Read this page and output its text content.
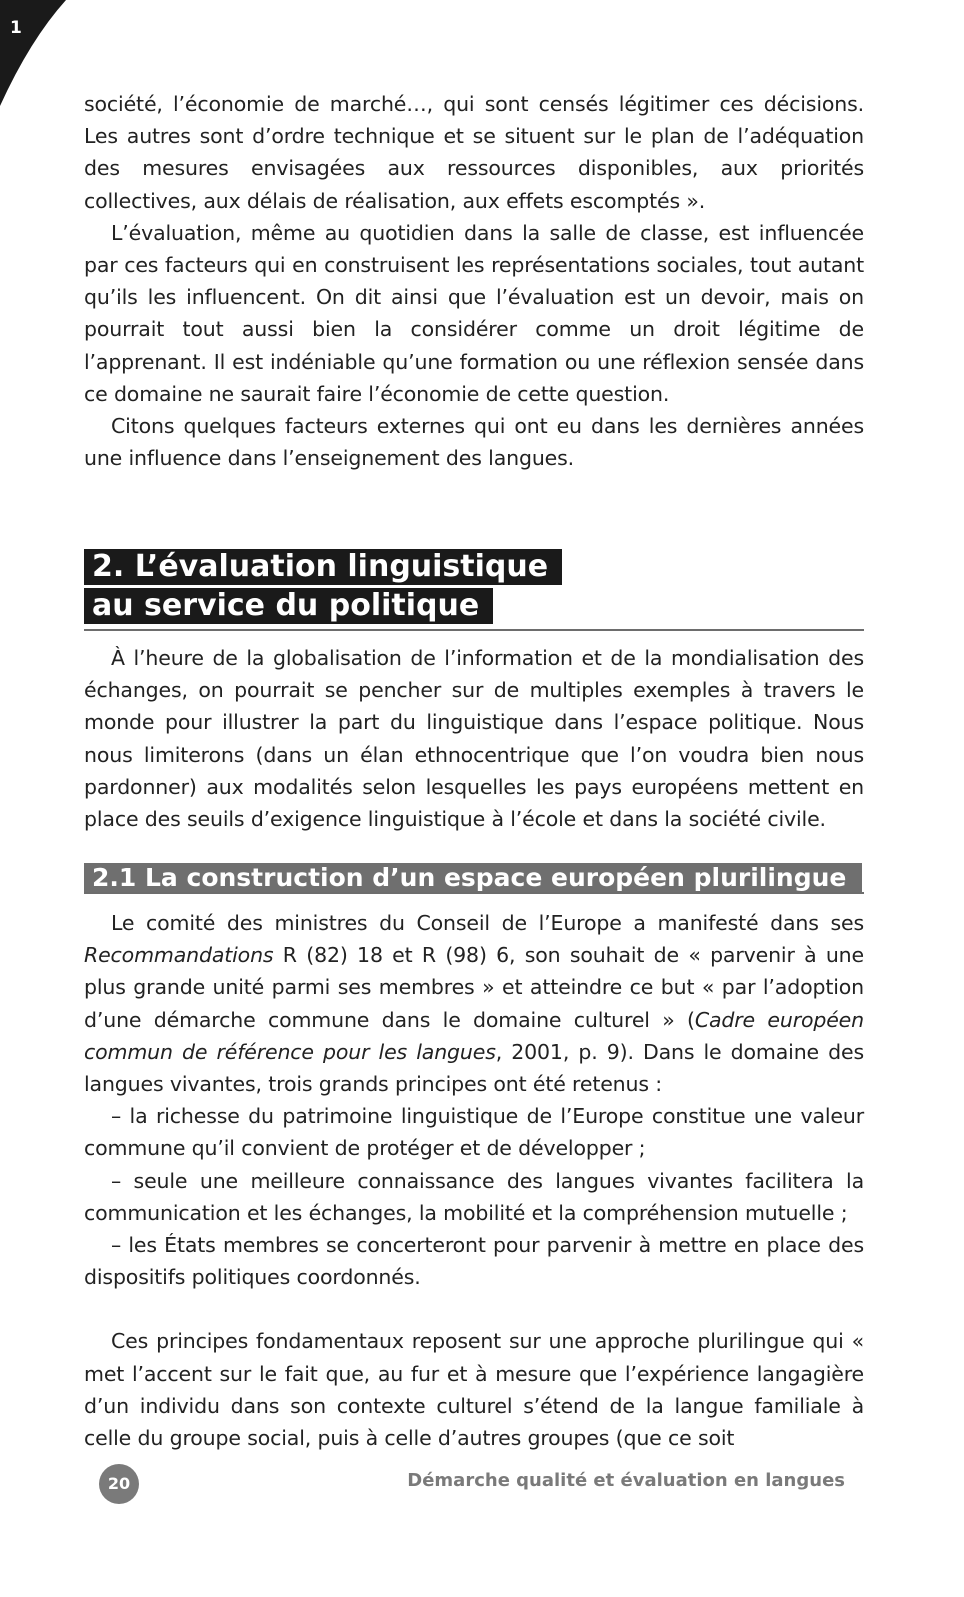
1

société, l’économie de marché…, qui sont censés légitimer ces décisions. Les autres sont d’ordre technique et se situent sur le plan de l’adéquation des mesures envisagées aux ressources disponibles, aux priorités collectives, aux délais de réalisation, aux effets escomptés ».

L’évaluation, même au quotidien dans la salle de classe, est influencée par ces facteurs qui en construisent les représentations sociales, tout autant qu’ils les influencent. On dit ainsi que l’évaluation est un devoir, mais on pourrait tout aussi bien la considérer comme un droit légitime de l’apprenant. Il est indéniable qu’une formation ou une réflexion sensée dans ce domaine ne saurait faire l’économie de cette question.

Citons quelques facteurs externes qui ont eu dans les dernières années une influence dans l’enseignement des langues.

2. L’évaluation linguistique
au service du politique

À l’heure de la globalisation de l’information et de la mondialisation des échanges, on pourrait se pencher sur de multiples exemples à travers le monde pour illustrer la part du linguistique dans l’espace politique. Nous nous limiterons (dans un élan ethnocentrique que l’on voudra bien nous pardonner) aux modalités selon lesquelles les pays européens mettent en place des seuils d’exigence linguistique à l’école et dans la société civile.

2.1 La construction d’un espace européen plurilingue

Le comité des ministres du Conseil de l’Europe a manifesté dans ses Recommandations R (82) 18 et R (98) 6, son souhait de « parvenir à une plus grande unité parmi ses membres » et atteindre ce but « par l’adoption d’une démarche commune dans le domaine culturel » (Cadre européen commun de référence pour les langues, 2001, p. 9). Dans le domaine des langues vivantes, trois grands principes ont été retenus :

– la richesse du patrimoine linguistique de l’Europe constitue une valeur commune qu’il convient de protéger et de développer ;

– seule une meilleure connaissance des langues vivantes facilitera la communication et les échanges, la mobilité et la compréhension mutuelle ;

– les États membres se concerteront pour parvenir à mettre en place des dispositifs politiques coordonnés.

Ces principes fondamentaux reposent sur une approche plurilingue qui « met l’accent sur le fait que, au fur et à mesure que l’expérience langagière d’un individu dans son contexte culturel s’étend de la langue familiale à celle du groupe social, puis à celle d’autres groupes (que ce soit

20	Démarche qualité et évaluation en langues
